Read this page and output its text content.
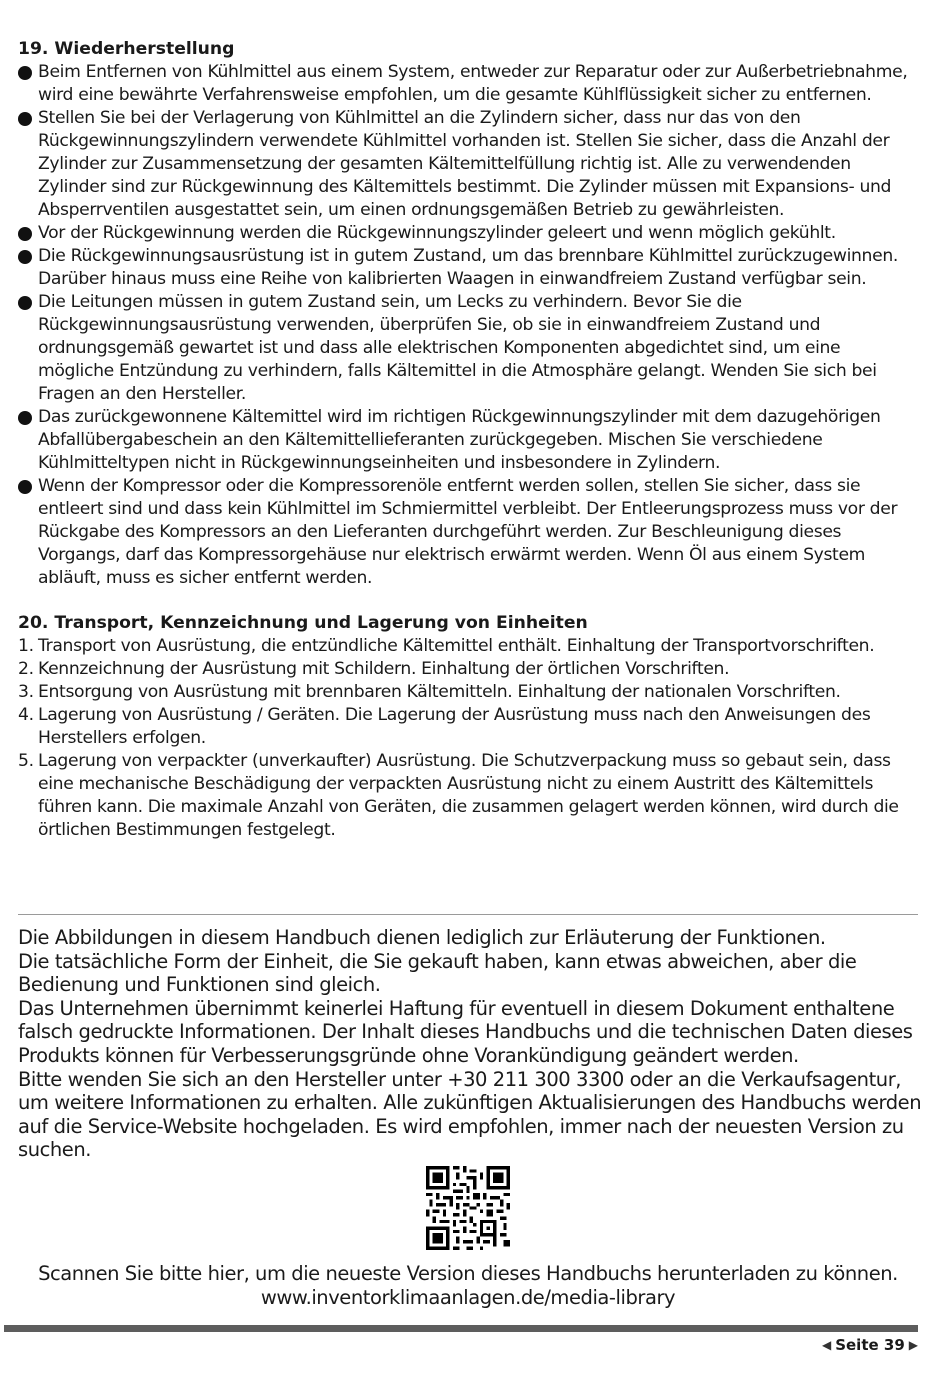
19. Wiederherstellung
Beim Entfernen von Kühlmittel aus einem System, entweder zur Reparatur oder zur Außerbetriebnahme, wird eine bewährte Verfahrensweise empfohlen, um die gesamte Kühlflüssigkeit sicher zu entfernen.
Stellen Sie bei der Verlagerung von Kühlmittel an die Zylindern sicher, dass nur das von den Rückgewinnungszylindern verwendete Kühlmittel vorhanden ist. Stellen Sie sicher, dass die Anzahl der Zylinder zur Zusammensetzung der gesamten Kältemittelfüllung richtig ist. Alle zu verwendenden Zylinder sind zur Rückgewinnung des Kältemittels bestimmt. Die Zylinder müssen mit Expansions- und Absperrventilen ausgestattet sein, um einen ordnungsgemäßen Betrieb zu gewährleisten.
Vor der Rückgewinnung werden die Rückgewinnungszylinder geleert und wenn möglich gekühlt.
Die Rückgewinnungsausrüstung ist in gutem Zustand, um das brennbare Kühlmittel zurückzugewinnen. Darüber hinaus muss eine Reihe von kalibrierten Waagen in einwandfreiem Zustand verfügbar sein.
Die Leitungen müssen in gutem Zustand sein, um Lecks zu verhindern. Bevor Sie die Rückgewinnungsausrüstung verwenden, überprüfen Sie, ob sie in einwandfreiem Zustand und ordnungsgemäß gewartet ist und dass alle elektrischen Komponenten abgedichtet sind, um eine mögliche Entzündung zu verhindern, falls Kältemittel in die Atmosphäre gelangt. Wenden Sie sich bei Fragen an den Hersteller.
Das zurückgewonnene Kältemittel wird im richtigen Rückgewinnungszylinder mit dem dazugehörigen Abfallübergabeschein an den Kältemittellieferanten zurückgegeben. Mischen Sie verschiedene Kühlmitteltypen nicht in Rückgewinnungseinheiten und insbesondere in Zylindern.
Wenn der Kompressor oder die Kompressorenöle entfernt werden sollen, stellen Sie sicher, dass sie entleert sind und dass kein Kühlmittel im Schmiermittel verbleibt. Der Entleerungsprozess muss vor der Rückgabe des Kompressors an den Lieferanten durchgeführt werden. Zur Beschleunigung dieses Vorgangs, darf das Kompressorgehäuse nur elektrisch erwärmt werden. Wenn Öl aus einem System abläuft, muss es sicher entfernt werden.
20. Transport, Kennzeichnung und Lagerung von Einheiten
1. Transport von Ausrüstung, die entzündliche Kältemittel enthält. Einhaltung der Transportvorschriften.
2. Kennzeichnung der Ausrüstung mit Schildern. Einhaltung der örtlichen Vorschriften.
3. Entsorgung von Ausrüstung mit brennbaren Kältemitteln. Einhaltung der nationalen Vorschriften.
4. Lagerung von Ausrüstung / Geräten. Die Lagerung der Ausrüstung muss nach den Anweisungen des Herstellers erfolgen.
5. Lagerung von verpackter (unverkaufter) Ausrüstung. Die Schutzverpackung muss so gebaut sein, dass eine mechanische Beschädigung der verpackten Ausrüstung nicht zu einem Austritt des Kältemittels führen kann. Die maximale Anzahl von Geräten, die zusammen gelagert werden können, wird durch die örtlichen Bestimmungen festgelegt.

Die Abbildungen in diesem Handbuch dienen lediglich zur Erläuterung der Funktionen.

Die tatsächliche Form der Einheit, die Sie gekauft haben, kann etwas abweichen, aber die Bedienung und Funktionen sind gleich.

Das Unternehmen übernimmt keinerlei Haftung für eventuell in diesem Dokument enthaltene falsch gedruckte Informationen. Der Inhalt dieses Handbuchs und die technischen Daten dieses Produkts können für Verbesserungsgründe ohne Vorankündigung geändert werden.

Bitte wenden Sie sich an den Hersteller unter +30 211 300 3300 oder an die Verkaufsagentur, um weitere Informationen zu erhalten. Alle zukünftigen Aktualisierungen des Handbuchs werden auf die Service-Website hochgeladen. Es wird empfohlen, immer nach der neuesten Version zu suchen.

Scannen Sie bitte hier, um die neueste Version dieses Handbuchs herunterladen zu können.
www.inventorklimaanlagen.de/media-library
◀ Seite 39 ▶
